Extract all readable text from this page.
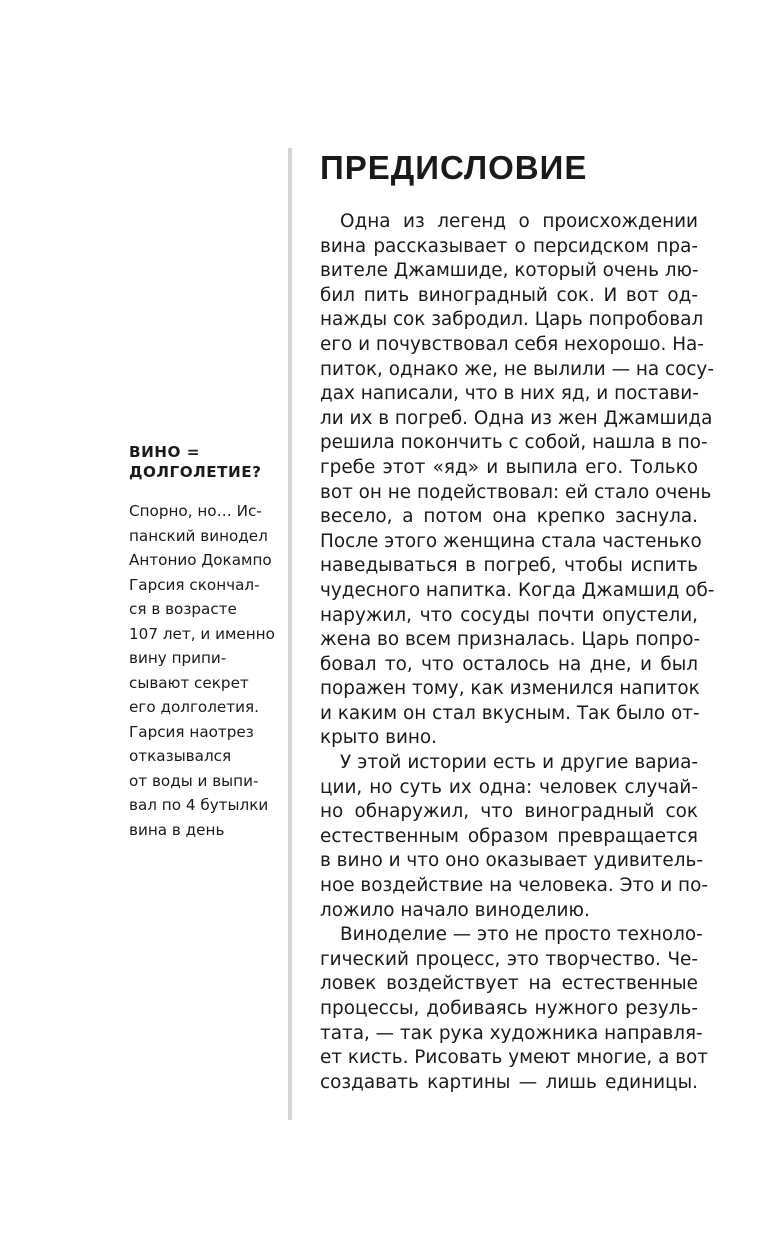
ПРЕДИСЛОВИЕ
Одна из легенд о происхождении
вина рассказывает о персидском пра-
вителе Джамшиде, который очень лю-
бил пить виноградный сок. И вот од-
нажды сок забродил. Царь попробовал
его и почувствовал себя нехорошо. На-
питок, однако же, не вылили — на сосу-
дах написали, что в них яд, и постави-
ли их в погреб. Одна из жен Джамшида
решила покончить с собой, нашла в по-
гребе этот «яд» и выпила его. Только
вот он не подействовал: ей стало очень
весело, а потом она крепко заснула.
После этого женщина стала частенько
наведываться в погреб, чтобы испить
чудесного напитка. Когда Джамшид об-
наружил, что сосуды почти опустели,
жена во всем призналась. Царь попро-
бовал то, что осталось на дне, и был
поражен тому, как изменился напиток
и каким он стал вкусным. Так было от-
крыто вино.
У этой истории есть и другие вариа-
ции, но суть их одна: человек случай-
но обнаружил, что виноградный сок
естественным образом превращается
в вино и что оно оказывает удивитель-
ное воздействие на человека. Это и по-
ложило начало виноделию.
Виноделие — это не просто техноло-
гический процесс, это творчество. Че-
ловек воздействует на естественные
процессы, добиваясь нужного резуль-
тата, — так рука художника направля-
ет кисть. Рисовать умеют многие, а вот
создавать картины — лишь единицы.
ВИНО =
ДОЛГОЛЕТИЕ?
Спорно, но… Ис-
панский винодел
Антонио Докампо
Гарсия скончал-
ся в возрасте
107 лет, и именно
вину припи-
сывают секрет
его долголетия.
Гарсия наотрез
отказывался
от воды и выпи-
вал по 4 бутылки
вина в день
